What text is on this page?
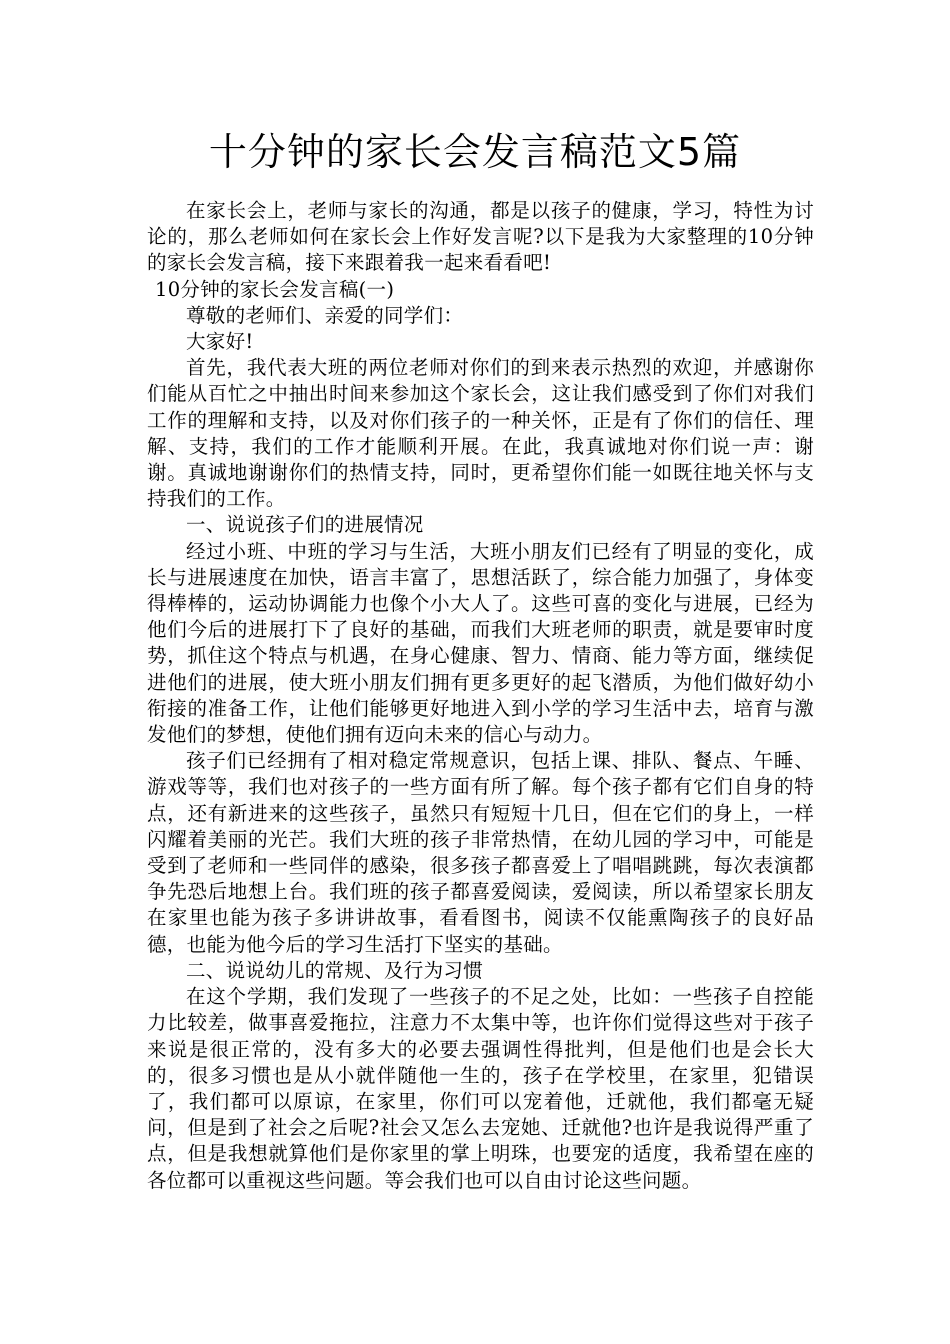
十分钟的家长会发言稿范文5篇

在家长会上，老师与家长的沟通，都是以孩子的健康，学习，特性为讨论的，那么老师如何在家长会上作好发言呢?以下是我为大家整理的10分钟的家长会发言稿，接下来跟着我一起来看看吧!

10分钟的家长会发言稿(一)

尊敬的老师们、亲爱的同学们：

大家好!

首先，我代表大班的两位老师对你们的到来表示热烈的欢迎，并感谢你们能从百忙之中抽出时间来参加这个家长会，这让我们感受到了你们对我们工作的理解和支持，以及对你们孩子的一种关怀，正是有了你们的信任、理解、支持，我们的工作才能顺利开展。在此，我真诚地对你们说一声：谢谢。真诚地谢谢你们的热情支持，同时，更希望你们能一如既往地关怀与支持我们的工作。

一、说说孩子们的进展情况

经过小班、中班的学习与生活，大班小朋友们已经有了明显的变化，成长与进展速度在加快，语言丰富了，思想活跃了，综合能力加强了，身体变得棒棒的，运动协调能力也像个小大人了。这些可喜的变化与进展，已经为他们今后的进展打下了良好的基础，而我们大班老师的职责，就是要审时度势，抓住这个特点与机遇，在身心健康、智力、情商、能力等方面，继续促进他们的进展，使大班小朋友们拥有更多更好的起飞潜质，为他们做好幼小衔接的准备工作，让他们能够更好地进入到小学的学习生活中去，培育与激发他们的梦想，使他们拥有迈向未来的信心与动力。

孩子们已经拥有了相对稳定常规意识，包括上课、排队、餐点、午睡、游戏等等，我们也对孩子的一些方面有所了解。每个孩子都有它们自身的特点，还有新进来的这些孩子，虽然只有短短十几日，但在它们的身上，一样闪耀着美丽的光芒。我们大班的孩子非常热情，在幼儿园的学习中，可能是受到了老师和一些同伴的感染，很多孩子都喜爱上了唱唱跳跳，每次表演都争先恐后地想上台。我们班的孩子都喜爱阅读，爱阅读，所以希望家长朋友在家里也能为孩子多讲讲故事，看看图书，阅读不仅能熏陶孩子的良好品德，也能为他今后的学习生活打下坚实的基础。

二、说说幼儿的常规、及行为习惯

在这个学期，我们发现了一些孩子的不足之处，比如：一些孩子自控能力比较差，做事喜爱拖拉，注意力不太集中等，也许你们觉得这些对于孩子来说是很正常的，没有多大的必要去强调性得批判，但是他们也是会长大的，很多习惯也是从小就伴随他一生的，孩子在学校里，在家里，犯错误了，我们都可以原谅，在家里，你们可以宠着他，迁就他，我们都毫无疑问，但是到了社会之后呢?社会又怎么去宠她、迁就他?也许是我说得严重了点，但是我想就算他们是你家里的掌上明珠，也要宠的适度，我希望在座的各位都可以重视这些问题。等会我们也可以自由讨论这些问题。
